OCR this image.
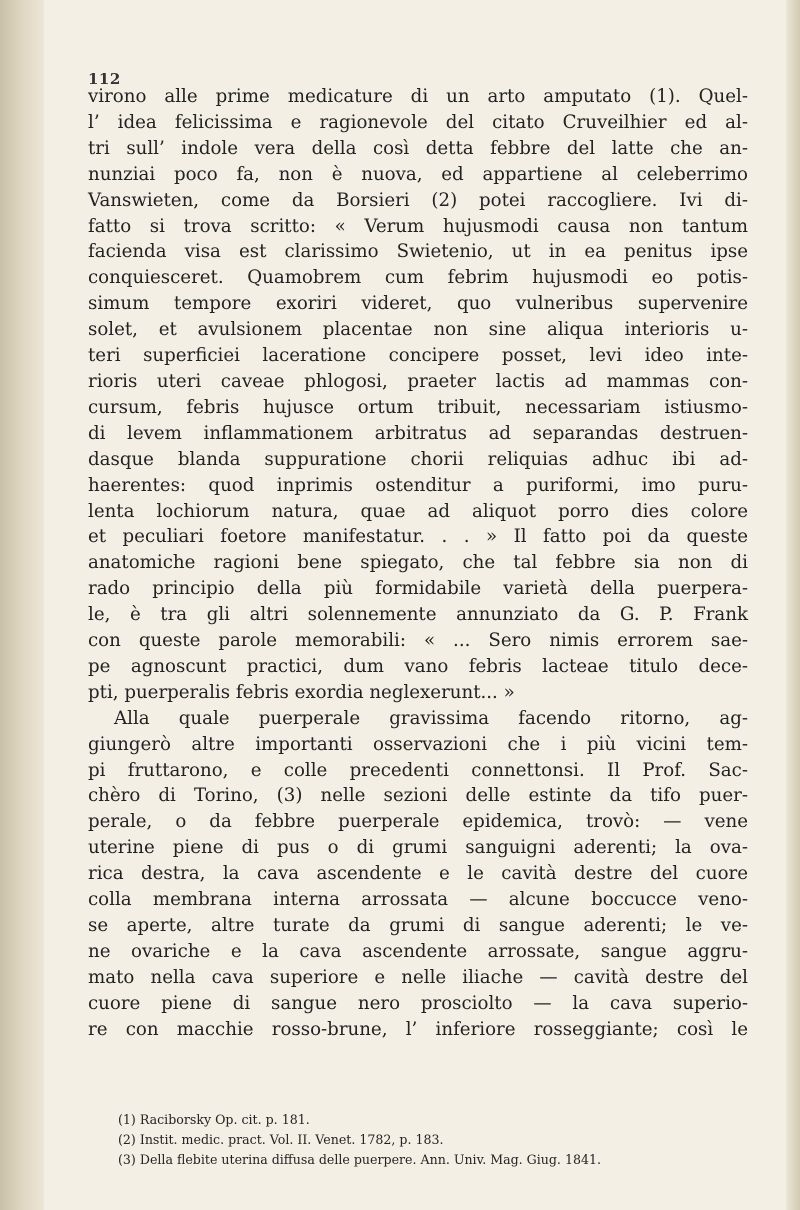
112
virono alle prime medicature di un arto amputato (1). Quel-
l’ idea felicissima e ragionevole del citato Cruveilhier ed al-
tri sull’ indole vera della così detta febbre del latte che an-
nunziai poco fa, non è nuova, ed appartiene al celeberrimo
Vanswieten, come da Borsieri (2) potei raccogliere. Ivi di-
fatto si trova scritto: « Verum hujusmodi causa non tantum
facienda visa est clarissimo Swietenio, ut in ea penitus ipse
conquiesceret. Quamobrem cum febrim hujusmodi eo potis-
simum tempore exoriri videret, quo vulneribus supervenire
solet, et avulsionem placentae non sine aliqua interioris u-
teri superficiei laceratione concipere posset, levi ideo inte-
rioris uteri caveae phlogosi, praeter lactis ad mammas con-
cursum, febris hujusce ortum tribuit, necessariam istiusmo-
di levem inflammationem arbitratus ad separandas destruen-
dasque blanda suppuratione chorii reliquias adhuc ibi ad-
haerentes: quod inprimis ostenditur a puriformi, imo puru-
lenta lochiorum natura, quae ad aliquot porro dies colore
et peculiari foetore manifestatur. . . » Il fatto poi da queste
anatomiche ragioni bene spiegato, che tal febbre sia non di
rado principio della più formidabile varietà della puerpera-
le, è tra gli altri solennemente annunziato da G. P. Frank
con queste parole memorabili: « ... Sero nimis errorem sae-
pe agnoscunt practici, dum vano febris lacteae titulo dece-
pti, puerperalis febris exordia neglexerunt... »
Alla quale puerperale gravissima facendo ritorno, ag-
giungerò altre importanti osservazioni che i più vicini tem-
pi fruttarono, e colle precedenti connettonsi. Il Prof. Sac-
chèro di Torino, (3) nelle sezioni delle estinte da tifo puer-
perale, o da febbre puerperale epidemica, trovò: — vene
uterine piene di pus o di grumi sanguigni aderenti; la ova-
rica destra, la cava ascendente e le cavità destre del cuore
colla membrana interna arrossata — alcune boccucce veno-
se aperte, altre turate da grumi di sangue aderenti; le ve-
ne ovariche e la cava ascendente arrossate, sangue aggru-
mato nella cava superiore e nelle iliache — cavità destre del
cuore piene di sangue nero prosciolto — la cava superio-
re con macchie rosso-brune, l’ inferiore rosseggiante; così le
(1) Raciborsky Op. cit. p. 181.
(2) Instit. medic. pract. Vol. II. Venet. 1782, p. 183.
(3) Della flebite uterina diffusa delle puerpere. Ann. Univ. Mag. Giug. 1841.
